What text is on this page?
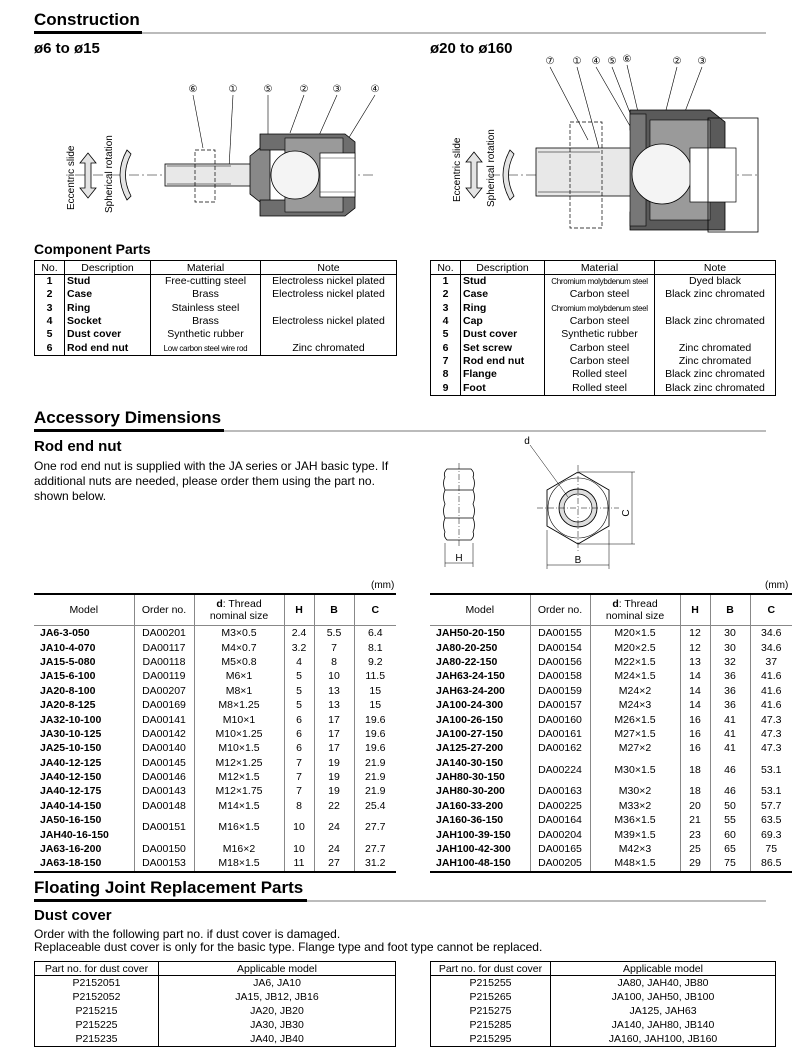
Construction
ø6 to ø15	ø20 to ø160
⑥	①	⑤	② ③	④
Eccentric slide	Spherical rotation
⑦ ① ④ ⑤ ⑥	② ③
Eccentric slide Spherical rotation
Component Parts
No.	Description	Material	Note
1	Stud	Free-cutting steel	Electroless nickel plated
2	Case	Brass	Electroless nickel plated
3	Ring	Stainless steel	
4	Socket	Brass	Electroless nickel plated
5	Dust cover	Synthetic rubber	
6	Rod end nut	Low carbon steel wire rod	Zinc chromated
No.	Description	Material	Note
1	Stud	Chromium molybdenum steel	Dyed black
2	Case	Carbon steel	Black zinc chromated
3	Ring	Chromium molybdenum steel	
4	Cap	Carbon steel	Black zinc chromated
5	Dust cover	Synthetic rubber	
6	Set screw	Carbon steel	Zinc chromated
7	Rod end nut	Carbon steel	Zinc chromated
8	Flange	Rolled steel	Black zinc chromated
9	Foot	Rolled steel	Black zinc chromated
Accessory Dimensions
Rod end nut
One rod end nut is supplied with the JA series or JAH basic type. If additional nuts are needed, please order them using the part no. shown below.
H
d
C
B
(mm)	(mm)
Model	Order no.	d: Thread
nominal size	H	B	C
JA6-3-050	DA00201	M3×0.5	2.4	5.5	6.4
JA10-4-070	DA00117	M4×0.7	3.2	7	8.1
JA15-5-080	DA00118	M5×0.8	4	8	9.2
JA15-6-100	DA00119	M6×1	5	10	11.5
JA20-8-100	DA00207	M8×1	5	13	15
JA20-8-125	DA00169	M8×1.25	5	13	15
JA32-10-100	DA00141	M10×1	6	17	19.6
JA30-10-125	DA00142	M10×1.25	6	17	19.6
JA25-10-150	DA00140	M10×1.5	6	17	19.6
JA40-12-125	DA00145	M12×1.25	7	19	21.9
JA40-12-150	DA00146	M12×1.5	7	19	21.9
JA40-12-175	DA00143	M12×1.75	7	19	21.9
JA40-14-150	DA00148	M14×1.5	8	22	25.4
JA50-16-150	DA00151	M16×1.5	10	24	27.7
JAH40-16-150					
JA63-16-200	DA00150	M16×2	10	24	27.7
JA63-18-150	DA00153	M18×1.5	11	27	31.2
Model	Order no.	d: Thread
nominal size	H	B	C
JAH50-20-150	DA00155	M20×1.5	12	30	34.6
JA80-20-250	DA00154	M20×2.5	12	30	34.6
JA80-22-150	DA00156	M22×1.5	13	32	37
JAH63-24-150	DA00158	M24×1.5	14	36	41.6
JAH63-24-200	DA00159	M24×2	14	36	41.6
JA100-24-300	DA00157	M24×3	14	36	41.6
JA100-26-150	DA00160	M26×1.5	16	41	47.3
JA100-27-150	DA00161	M27×1.5	16	41	47.3
JA125-27-200	DA00162	M27×2	16	41	47.3
JA140-30-150	DA00224	M30×1.5	18	46	53.1
JAH80-30-150					
JAH80-30-200	DA00163	M30×2	18	46	53.1
JA160-33-200	DA00225	M33×2	20	50	57.7
JA160-36-150	DA00164	M36×1.5	21	55	63.5
JAH100-39-150	DA00204	M39×1.5	23	60	69.3
JAH100-42-300	DA00165	M42×3	25	65	75
JAH100-48-150	DA00205	M48×1.5	29	75	86.5
Floating Joint Replacement Parts
Dust cover
Order with the following part no. if dust cover is damaged.
Replaceable dust cover is only for the basic type. Flange type and foot type cannot be replaced.
Part no. for dust cover	Applicable model
P2152051	JA6, JA10
P2152052	JA15, JB12, JB16
P215215	JA20, JB20
P215225	JA30, JB30
P215235	JA40, JB40
Part no. for dust cover	Applicable model
P215255	JA80, JAH40, JB80
P215265	JA100, JAH50, JB100
P215275	JA125, JAH63
P215285	JA140, JAH80, JB140
P215295	JA160, JAH100, JB160
